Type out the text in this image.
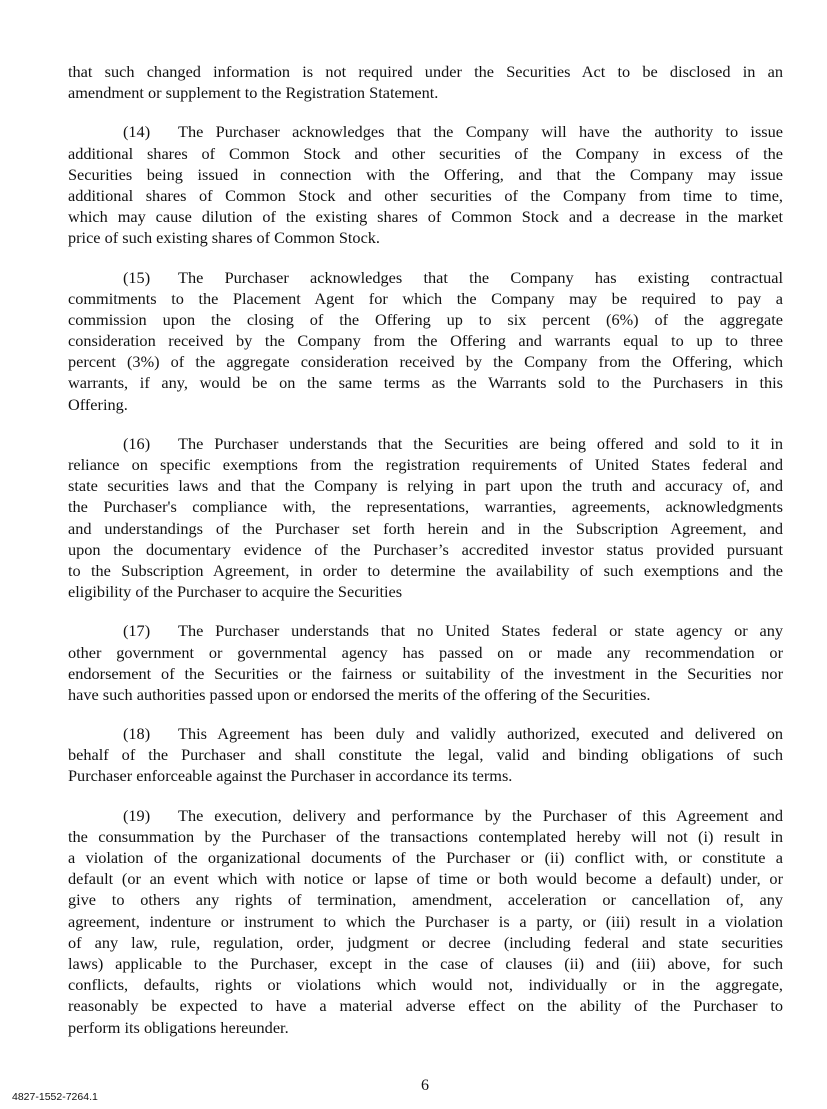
that such changed information is not required under the Securities Act to be disclosed in an
amendment or supplement to the Registration Statement.
(14) The Purchaser acknowledges that the Company will have the authority to issue
additional shares of Common Stock and other securities of the Company in excess of the
Securities being issued in connection with the Offering, and that the Company may issue
additional shares of Common Stock and other securities of the Company from time to time,
which may cause dilution of the existing shares of Common Stock and a decrease in the market
price of such existing shares of Common Stock.
(15) The Purchaser acknowledges that the Company has existing contractual
commitments to the Placement Agent for which the Company may be required to pay a
commission upon the closing of the Offering up to six percent (6%) of the aggregate
consideration received by the Company from the Offering and warrants equal to up to three
percent (3%) of the aggregate consideration received by the Company from the Offering, which
warrants, if any, would be on the same terms as the Warrants sold to the Purchasers in this
Offering.
(16) The Purchaser understands that the Securities are being offered and sold to it in
reliance on specific exemptions from the registration requirements of United States federal and
state securities laws and that the Company is relying in part upon the truth and accuracy of, and
the Purchaser's compliance with, the representations, warranties, agreements, acknowledgments
and understandings of the Purchaser set forth herein and in the Subscription Agreement, and
upon the documentary evidence of the Purchaser’s accredited investor status provided pursuant
to the Subscription Agreement, in order to determine the availability of such exemptions and the
eligibility of the Purchaser to acquire the Securities
(17) The Purchaser understands that no United States federal or state agency or any
other government or governmental agency has passed on or made any recommendation or
endorsement of the Securities or the fairness or suitability of the investment in the Securities nor
have such authorities passed upon or endorsed the merits of the offering of the Securities.
(18) This Agreement has been duly and validly authorized, executed and delivered on
behalf of the Purchaser and shall constitute the legal, valid and binding obligations of such
Purchaser enforceable against the Purchaser in accordance its terms.
(19) The execution, delivery and performance by the Purchaser of this Agreement and
the consummation by the Purchaser of the transactions contemplated hereby will not (i) result in
a violation of the organizational documents of the Purchaser or (ii) conflict with, or constitute a
default (or an event which with notice or lapse of time or both would become a default) under, or
give to others any rights of termination, amendment, acceleration or cancellation of, any
agreement, indenture or instrument to which the Purchaser is a party, or (iii) result in a violation
of any law, rule, regulation, order, judgment or decree (including federal and state securities
laws) applicable to the Purchaser, except in the case of clauses (ii) and (iii) above, for such
conflicts, defaults, rights or violations which would not, individually or in the aggregate,
reasonably be expected to have a material adverse effect on the ability of the Purchaser to
perform its obligations hereunder.
6
4827-1552-7264.1
